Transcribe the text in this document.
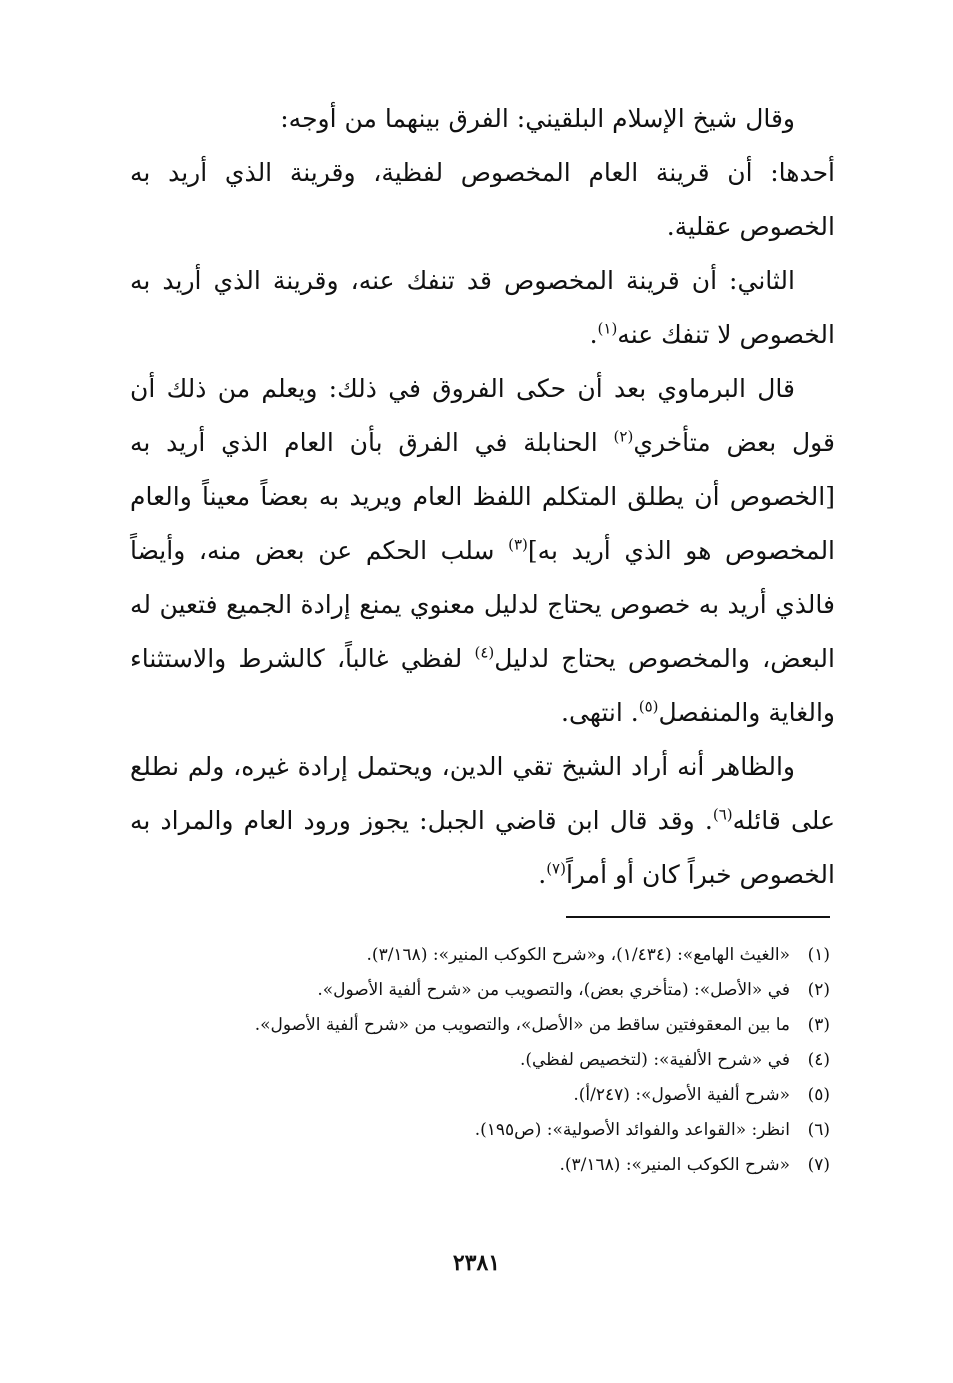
وقال شيخ الإسلام البلقيني: الفرق بينهما من أوجه:

أحدها: أن قرينة العام المخصوص لفظية، وقرينة الذي أريد به الخصوص عقلية.

الثاني: أن قرينة المخصوص قد تنفك عنه، وقرينة الذي أريد به الخصوص لا تنفك عنه$^{(١)}$.

قال البرماوي بعد أن حكى الفروق في ذلك: ويعلم من ذلك أن قول بعض متأخري$^{(٢)}$ الحنابلة في الفرق بأن العام الذي أريد به [الخصوص أن يطلق المتكلم اللفظ العام ويريد به بعضاً معيناً والعام المخصوص هو الذي أريد به]$^{(٣)}$ سلب الحكم عن بعض منه، وأيضاً فالذي أريد به خصوص يحتاج لدليل معنوي يمنع إرادة الجميع فتعين له البعض، والمخصوص يحتاج لدليل$^{(٤)}$ لفظي غالباً، كالشرط والاستثناء والغاية والمنفصل$^{(٥)}$. انتهى.

والظاهر أنه أراد الشيخ تقي الدين، ويحتمل إرادة غيره، ولم نطلع على قائله$^{(٦)}$. وقد قال ابن قاضي الجبل: يجوز ورود العام والمراد به الخصوص خبراً كان أو أمراً$^{(٧)}$.

(١)
«الغيث الهامع»: (١/٤٣٤)، و«شرح الكوكب المنير»: (٣/١٦٨).
(٢)
في «الأصل»: (متأخري بعض)، والتصويب من «شرح ألفية الأصول».
(٣)
ما بين المعقوفتين ساقط من «الأصل»، والتصويب من «شرح ألفية الأصول».
(٤)
في «شرح الألفية»: (لتخصيص لفظي).
(٥)
«شرح ألفية الأصول»: (٢٤٧/أ).
(٦)
انظر: «القواعد والفوائد الأصولية»: (ص١٩٥).
(٧)
«شرح الكوكب المنير»: (٣/١٦٨).
٢٣٨١
